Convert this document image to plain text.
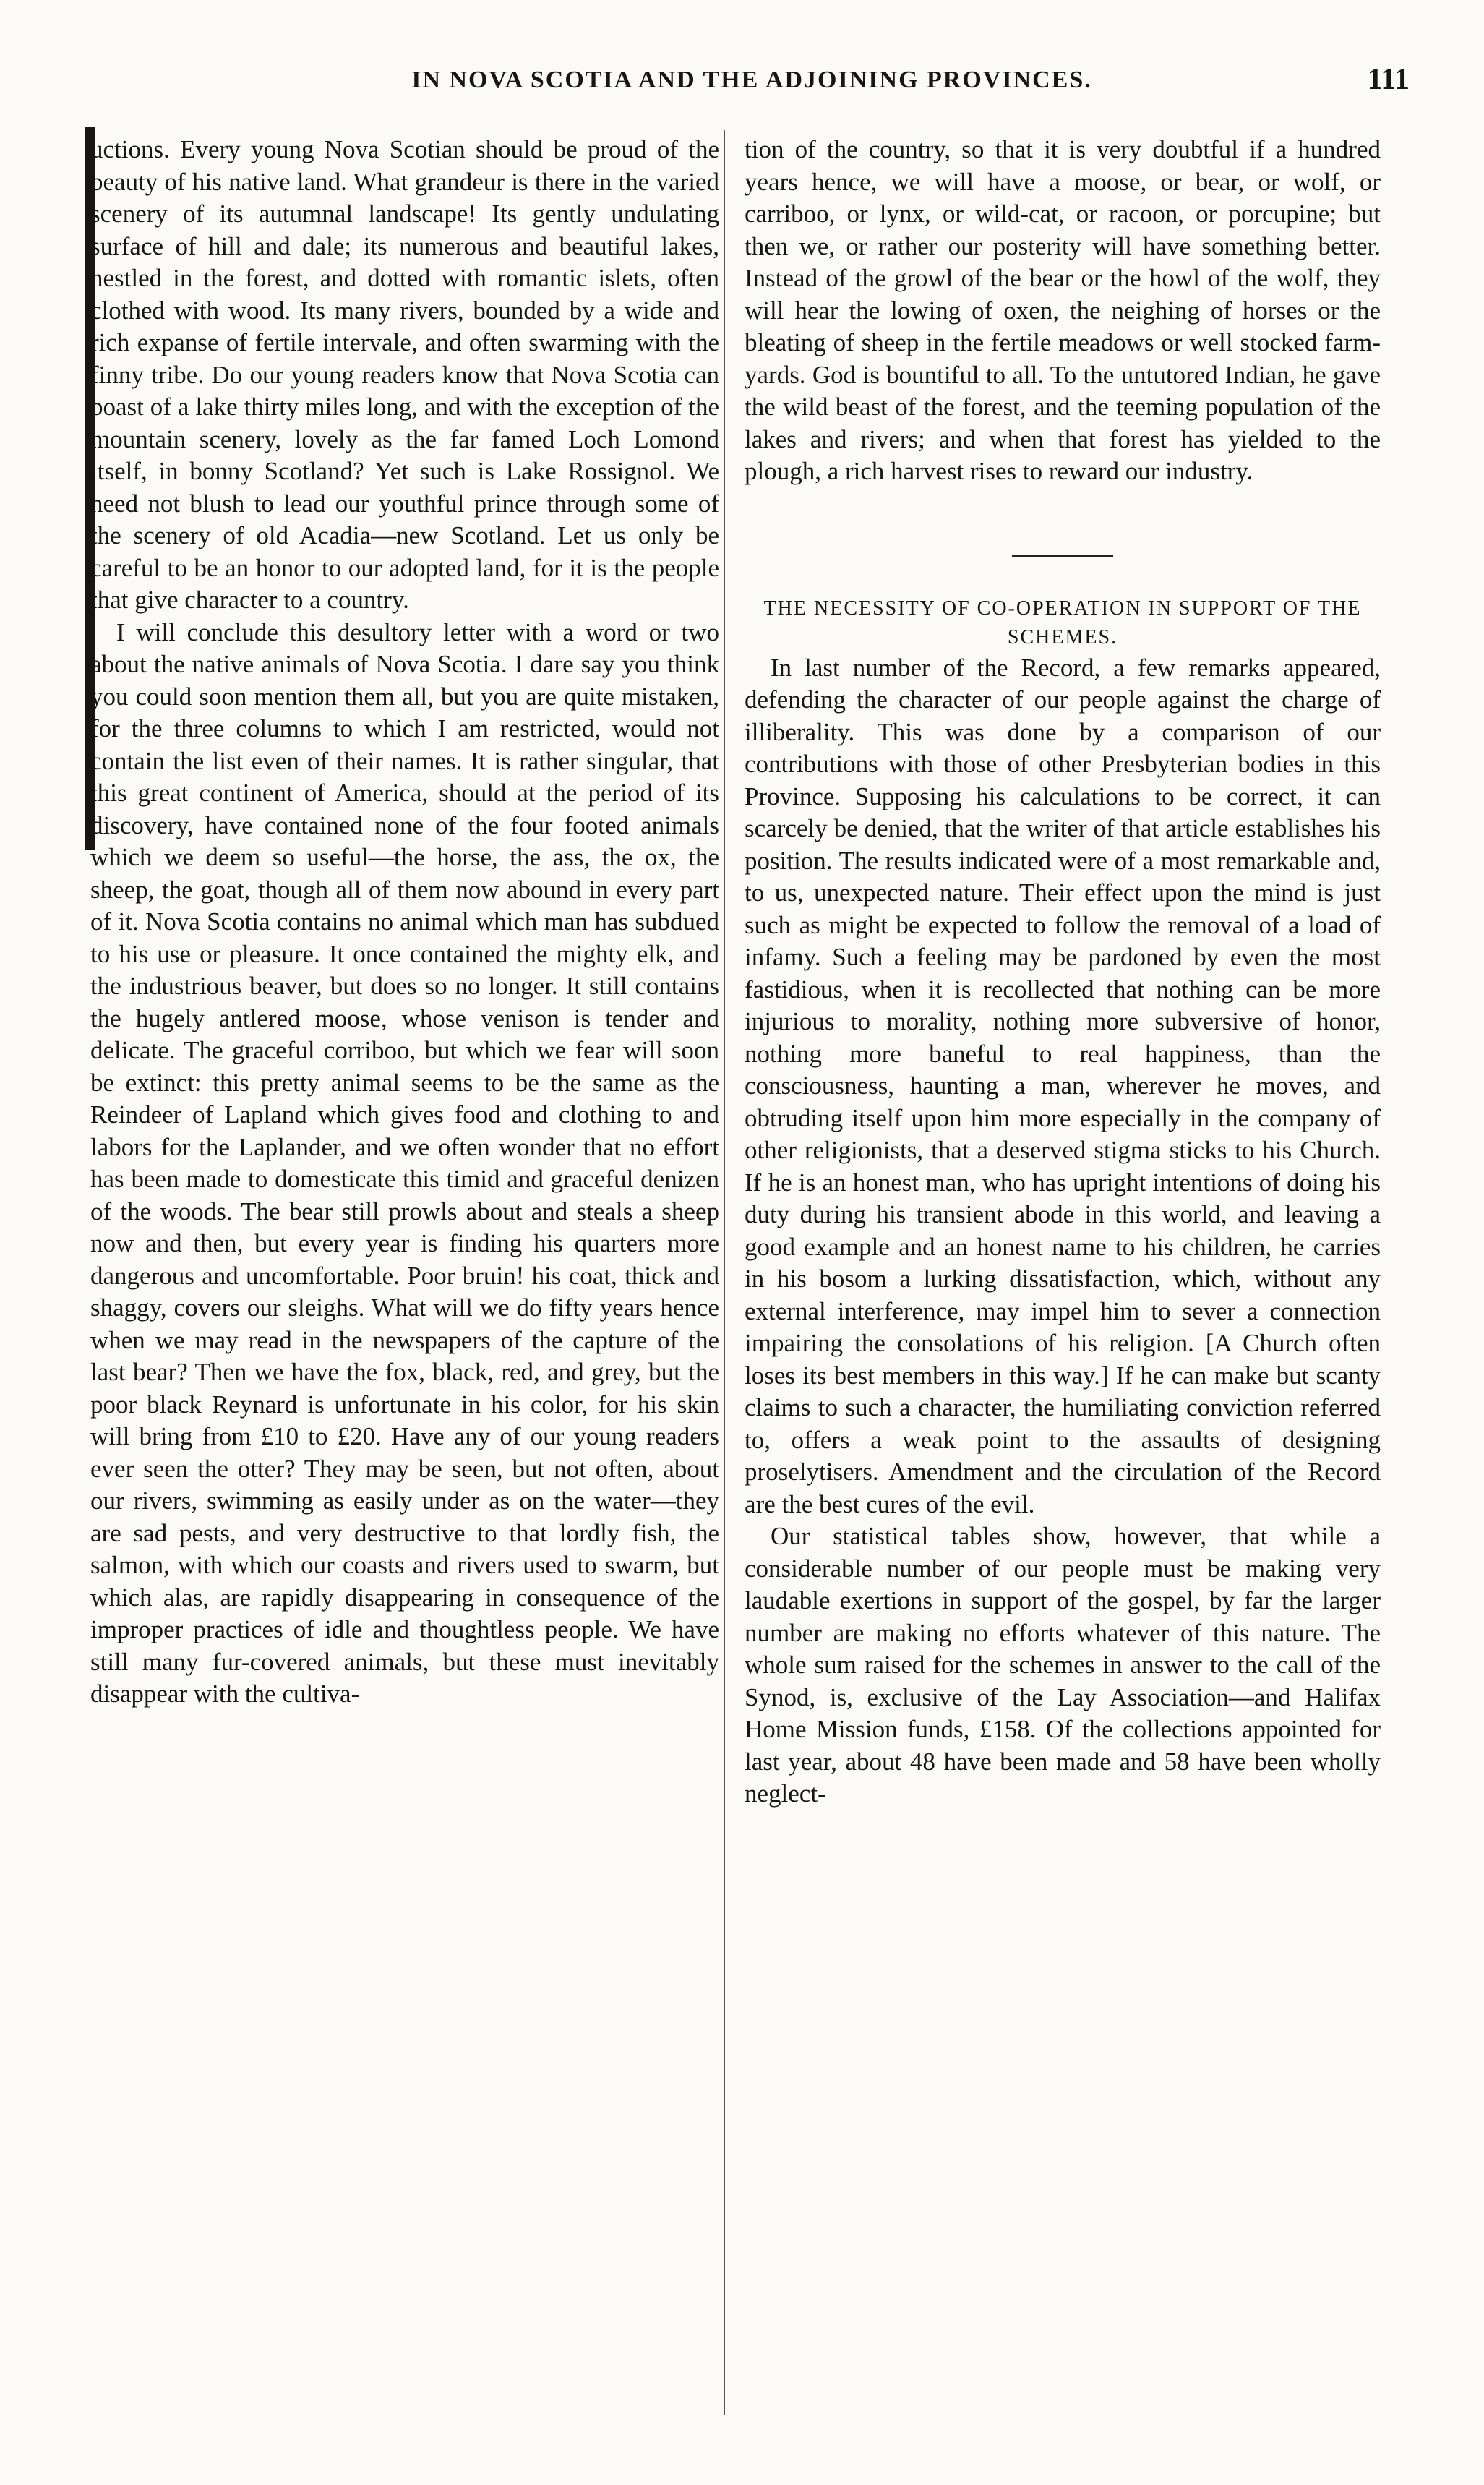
IN NOVA SCOTIA AND THE ADJOINING PROVINCES.	111

uctions. Every young Nova Scotian should be proud of the beauty of his native land. What grandeur is there in the varied scenery of its autumnal landscape! Its gently undulating surface of hill and dale; its numerous and beautiful lakes, nestled in the forest, and dotted with romantic islets, often clothed with wood. Its many rivers, bounded by a wide and rich expanse of fertile intervale, and often swarming with the finny tribe. Do our young readers know that Nova Scotia can boast of a lake thirty miles long, and with the exception of the mountain scenery, lovely as the far famed Loch Lomond itself, in bonny Scotland? Yet such is Lake Rossignol. We need not blush to lead our youthful prince through some of the scenery of old Acadia—new Scotland. Let us only be careful to be an honor to our adopted land, for it is the people that give character to a country.

I will conclude this desultory letter with a word or two about the native animals of Nova Scotia. I dare say you think you could soon mention them all, but you are quite mistaken, for the three columns to which I am restricted, would not contain the list even of their names. It is rather singular, that this great continent of America, should at the period of its discovery, have contained none of the four footed animals which we deem so useful—the horse, the ass, the ox, the sheep, the goat, though all of them now abound in every part of it. Nova Scotia contains no animal which man has subdued to his use or pleasure. It once contained the mighty elk, and the industrious beaver, but does so no longer. It still contains the hugely antlered moose, whose venison is tender and delicate. The graceful corriboo, but which we fear will soon be extinct: this pretty animal seems to be the same as the Reindeer of Lapland which gives food and clothing to and labors for the Laplander, and we often wonder that no effort has been made to domesticate this timid and graceful denizen of the woods. The bear still prowls about and steals a sheep now and then, but every year is finding his quarters more dangerous and uncomfortable. Poor bruin! his coat, thick and shaggy, covers our sleighs. What will we do fifty years hence when we may read in the newspapers of the capture of the last bear? Then we have the fox, black, red, and grey, but the poor black Reynard is unfortunate in his color, for his skin will bring from £10 to £20. Have any of our young readers ever seen the otter? They may be seen, but not often, about our rivers, swimming as easily under as on the water—they are sad pests, and very destructive to that lordly fish, the salmon, with which our coasts and rivers used to swarm, but which alas, are rapidly disappearing in consequence of the improper practices of idle and thoughtless people. We have still many fur-covered animals, but these must inevitably disappear with the cultiva-

tion of the country, so that it is very doubtful if a hundred years hence, we will have a moose, or bear, or wolf, or carriboo, or lynx, or wild-cat, or racoon, or porcupine; but then we, or rather our posterity will have something better. Instead of the growl of the bear or the howl of the wolf, they will hear the lowing of oxen, the neighing of horses or the bleating of sheep in the fertile meadows or well stocked farm-yards. God is bountiful to all. To the untutored Indian, he gave the wild beast of the forest, and the teeming population of the lakes and rivers; and when that forest has yielded to the plough, a rich harvest rises to reward our industry.

THE NECESSITY OF CO-OPERATION IN SUPPORT OF THE SCHEMES.

In last number of the Record, a few remarks appeared, defending the character of our people against the charge of illiberality. This was done by a comparison of our contributions with those of other Presbyterian bodies in this Province. Supposing his calculations to be correct, it can scarcely be denied, that the writer of that article establishes his position. The results indicated were of a most remarkable and, to us, unexpected nature. Their effect upon the mind is just such as might be expected to follow the removal of a load of infamy. Such a feeling may be pardoned by even the most fastidious, when it is recollected that nothing can be more injurious to morality, nothing more subversive of honor, nothing more baneful to real happiness, than the consciousness, haunting a man, wherever he moves, and obtruding itself upon him more especially in the company of other religionists, that a deserved stigma sticks to his Church. If he is an honest man, who has upright intentions of doing his duty during his transient abode in this world, and leaving a good example and an honest name to his children, he carries in his bosom a lurking dissatisfaction, which, without any external interference, may impel him to sever a connection impairing the consolations of his religion. [A Church often loses its best members in this way.] If he can make but scanty claims to such a character, the humiliating conviction referred to, offers a weak point to the assaults of designing proselytisers. Amendment and the circulation of the Record are the best cures of the evil.

Our statistical tables show, however, that while a considerable number of our people must be making very laudable exertions in support of the gospel, by far the larger number are making no efforts whatever of this nature. The whole sum raised for the schemes in answer to the call of the Synod, is, exclusive of the Lay Association—and Halifax Home Mission funds, £158. Of the collections appointed for last year, about 48 have been made and 58 have been wholly neglect-
